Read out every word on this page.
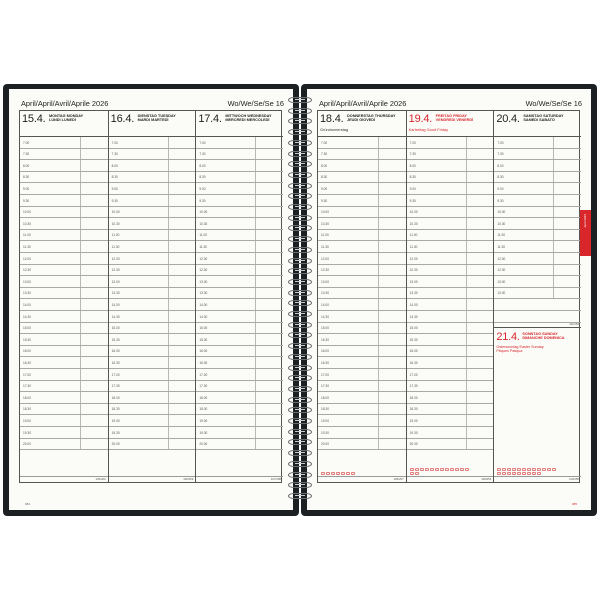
April/April/Avril/Aprile 2026	Wo/We/Se/Se 16
15.4. MONTAG MONDAY
LUNDI LUNEDÌ
7.00
7.30
8.00
8.30
9.00
9.30
10.00
10.30
11.00
11.30
12.00
12.30
13.00
13.30
14.00
14.30
15.00
15.30
16.00
16.30
17.00
17.30
18.00
18.30
19.00
19.30
20.00
105/260
16.4. DIENSTAG TUESDAY
MARDI MARTEDÌ
7.00
7.30
8.00
8.30
9.00
9.30
10.00
10.30
11.00
11.30
12.00
12.30
13.00
13.30
14.00
14.30
15.00
15.30
16.00
16.30
17.00
17.30
18.00
18.30
19.00
19.30
20.00
106/259
17.4. MITTWOCH WEDNESDAY
MERCREDI MERCOLEDÌ
7.00
7.30
8.00
8.30
9.00
9.30
10.00
10.30
11.00
11.30
12.00
12.30
13.00
13.30
14.00
14.30
15.00
15.30
16.00
16.30
17.00
17.30
18.00
18.30
19.00
19.30
20.00
107/258
084
April/April/Avril/Aprile 2026	Wo/We/Se/Se 16
18.4. DONNERSTAG THURSDAY
JEUDI GIOVEDÌ
Gründonnerstag
7.00
7.30
8.00
8.30
9.00
9.30
10.00
10.30
11.00
11.30
12.00
12.30
13.00
13.30
14.00
14.30
15.00
15.30
16.00
16.30
17.00
17.30
18.00
18.30
19.00
19.30
20.00
108/257
19.4. FREITAG FRIDAY
VENDREDI VENERDÌ
Karfreitag Good Friday
7.00
7.30
8.00
8.30
9.00
9.30
10.00
10.30
11.00
11.30
12.00
12.30
13.00
13.30
14.00
14.30
15.00
15.30
16.00
16.30
17.00
17.30
18.00
18.30
19.00
19.30
20.00
109/256
20.4. SAMSTAG SATURDAY
SAMEDI SABATO
7.00
7.30
8.00
8.30
9.00
9.30
10.00
10.30
11.00
11.30
12.00
12.30
13.00
13.30
110/255
21.4. SONNTAG SUNDAY
DIMANCHE DOMENICA
Ostersonntag Easter Sunday
Pâques Pasqua
111/254
085
April 2026
